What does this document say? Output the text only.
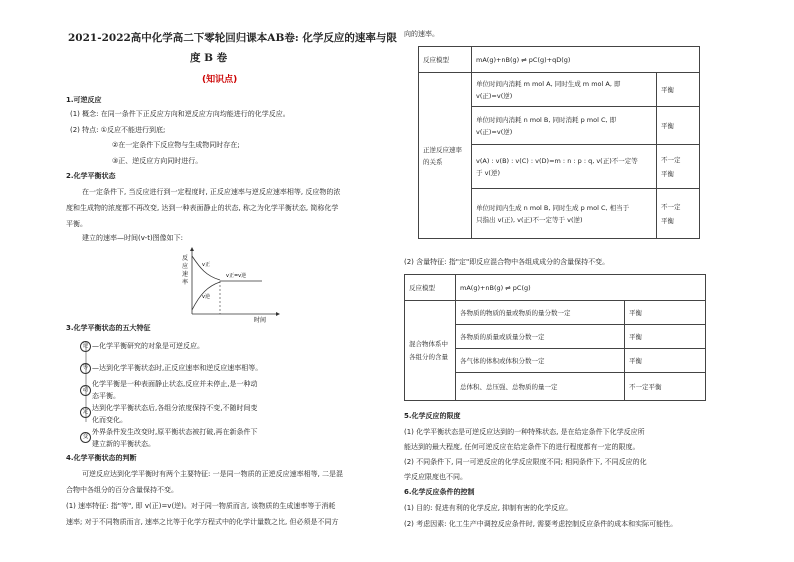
2021-2022高中化学高二下零轮回归课本AB卷: 化学反应的速率与限
度 B 卷
(知识点)
1.可逆反应
(1) 概念: 在同一条件下正反应方向和逆反应方向均能进行的化学反应。
(2) 特点: ①反应不能进行到底;
②在一定条件下反应物与生成物同时存在;
③正、逆反应方向同时进行。
2.化学平衡状态
在一定条件下, 当反应进行到一定程度时, 正反应速率与逆反应速率相等, 反应物的浓
度和生成物的浓度都不再改变, 达到一种表面静止的状态, 称之为化学平衡状态, 简称化学
平衡。
建立的速率—时间(v-t)图像如下:
反
应
速
率
v正
v逆
v正=v逆
时间
3.化学平衡状态的五大特征
逆 —化学平衡研究的对象是可逆反应。
等 —达到化学平衡状态时,正反应速率和逆反应速率相等。
动
化学平衡是一种表面静止状态,反应并未停止,是一种动
态平衡。
定 达到化学平衡状态后,各组分浓度保持不变,不随时间变
化而变化。
变
外界条件发生改变时,原平衡状态被打破,再在新条件下
建立新的平衡状态。
4.化学平衡状态的判断
可逆反应达到化学平衡时有两个主要特征: 一是同一物质的正逆反应速率相等, 二是混
合物中各组分的百分含量保持不变。
(1) 速率特征: 指"等", 即 v(正)=v(逆)。对于同一物质而言, 该物质的生成速率等于消耗
速率; 对于不同物质而言, 速率之比等于化学方程式中的化学计量数之比, 但必须是不同方
向的速率。
反应模型	mA(g)+nB(g) ⇌ pC(g)+qD(g)	
正逆反应速率的关系	单位时间内消耗 m mol A, 同时生成 m mol A, 即
v(正)=v(逆)	平衡
	单位时间内消耗 n mol B, 同时消耗 p mol C, 即
v(正)=v(逆)	平衡
	v(A) : v(B) : v(C) : v(D)=m : n : p : q, v(正)不一定等
于 v(逆)	不一定
平衡
	单位时间内生成 n mol B, 同时生成 p mol C, 相当于
只指出 v(正), v(正)不一定等于 v(逆)	不一定
平衡
(2) 含量特征: 指"定"即反应混合物中各组成成分的含量保持不变。
反应模型	mA(g)+nB(g) ⇌ pC(g)	
混合物体系中各组分的含量	各物质的物质的量或物质的量分数一定	平衡
	各物质的质量或质量分数一定	平衡
	各气体的体积或体积分数一定	平衡
	总体积、总压强、总物质的量一定	不一定平衡
5.化学反应的限度
(1) 化学平衡状态是可逆反应达到的一种特殊状态, 是在给定条件下化学反应所
能达到的最大程度, 任何可逆反应在给定条件下的进行程度都有一定的限度。
(2) 不同条件下, 同一可逆反应的化学反应限度不同; 相同条件下, 不同反应的化
学反应限度也不同。
6.化学反应条件的控制
(1) 目的: 促进有利的化学反应, 抑制有害的化学反应。
(2) 考虑因素: 化工生产中调控反应条件时, 需要考虑控制反应条件的成本和实际可能性。
